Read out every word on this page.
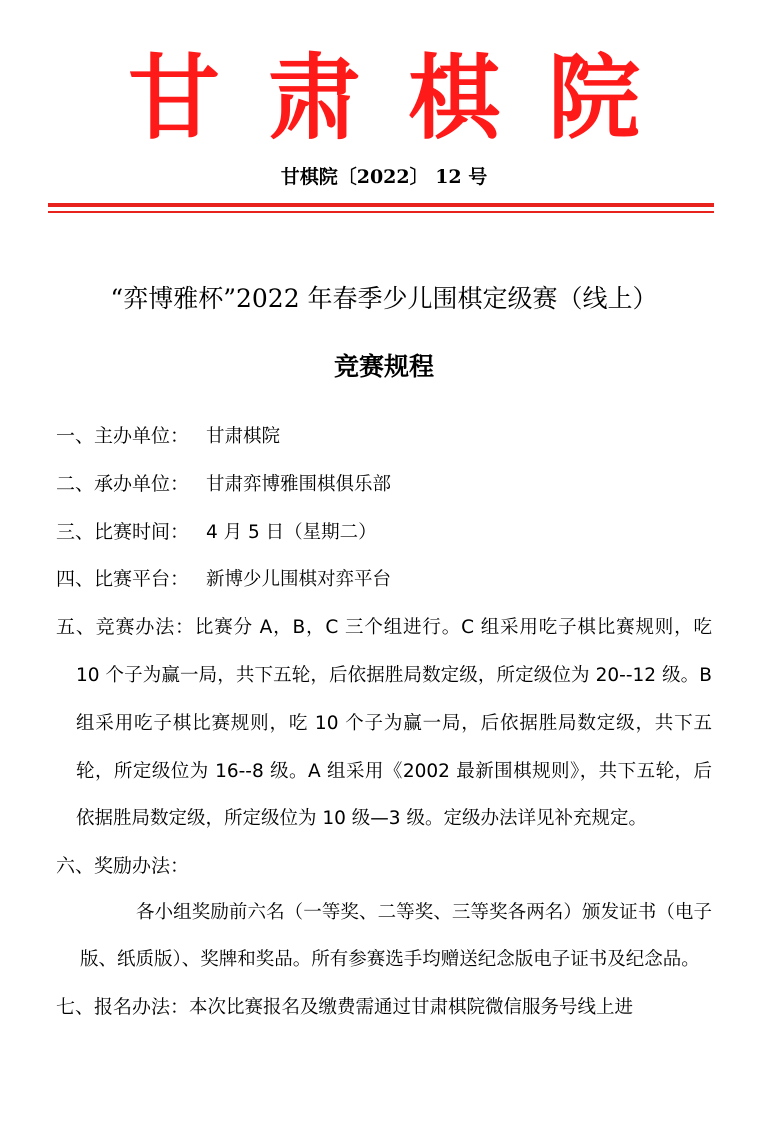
甘肃棋院
甘棋院〔2022〕 12 号
“弈博雅杯”2022 年春季少儿围棋定级赛（线上）
竞赛规程

一、主办单位： 甘肃棋院

二、承办单位： 甘肃弈博雅围棋俱乐部

三、比赛时间： 4 月 5 日（星期二）

四、比赛平台： 新博少儿围棋对弈平台

五、竞赛办法：比赛分 A，B，C 三个组进行。C 组采用吃子棋比赛规则，吃 10 个子为赢一局，共下五轮，后依据胜局数定级，所定级位为 20--12 级。B 组采用吃子棋比赛规则，吃 10 个子为赢一局，后依据胜局数定级，共下五轮，所定级位为 16--8 级。A 组采用《2002 最新围棋规则》，共下五轮，后依据胜局数定级，所定级位为 10 级—3 级。定级办法详见补充规定。

六、奖励办法：

各小组奖励前六名（一等奖、二等奖、三等奖各两名）颁发证书（电子版、纸质版）、奖牌和奖品。所有参赛选手均赠送纪念版电子证书及纪念品。

七、报名办法：本次比赛报名及缴费需通过甘肃棋院微信服务号线上进
